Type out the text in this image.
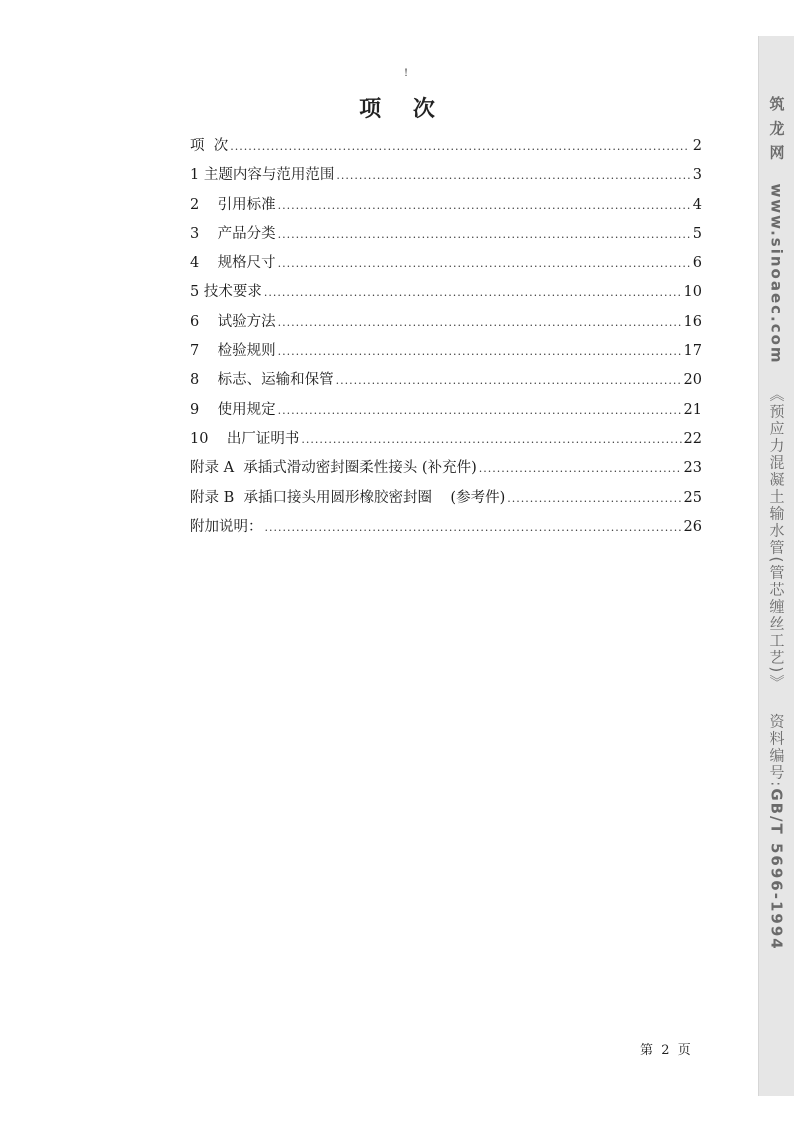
!
项 次
项  次 .....	2
1 主题内容与范用范围 .....	3
2    引用标准 .....	4
3    产品分类 .....	5
4    规格尺寸 .....	6
5 技术要求 .....	10
6    试验方法 .....	16
7    检验规则 .....	17
8    标志、运输和保管 .....	20
9    使用规定 .....	21
10    出厂证明书 .....	22
附录 A  承插式滑动密封圈柔性接头 (补充件) .....	23
附录 B  承插口接头用圆形橡胶密封圈    (参考件) .....	25
附加说明： .....	26
第  2  页
筑 龙 网www.sinoaec.com《预应力混凝土输水管(管芯缠丝工艺)》资料编号:GB/T 5696-1994
